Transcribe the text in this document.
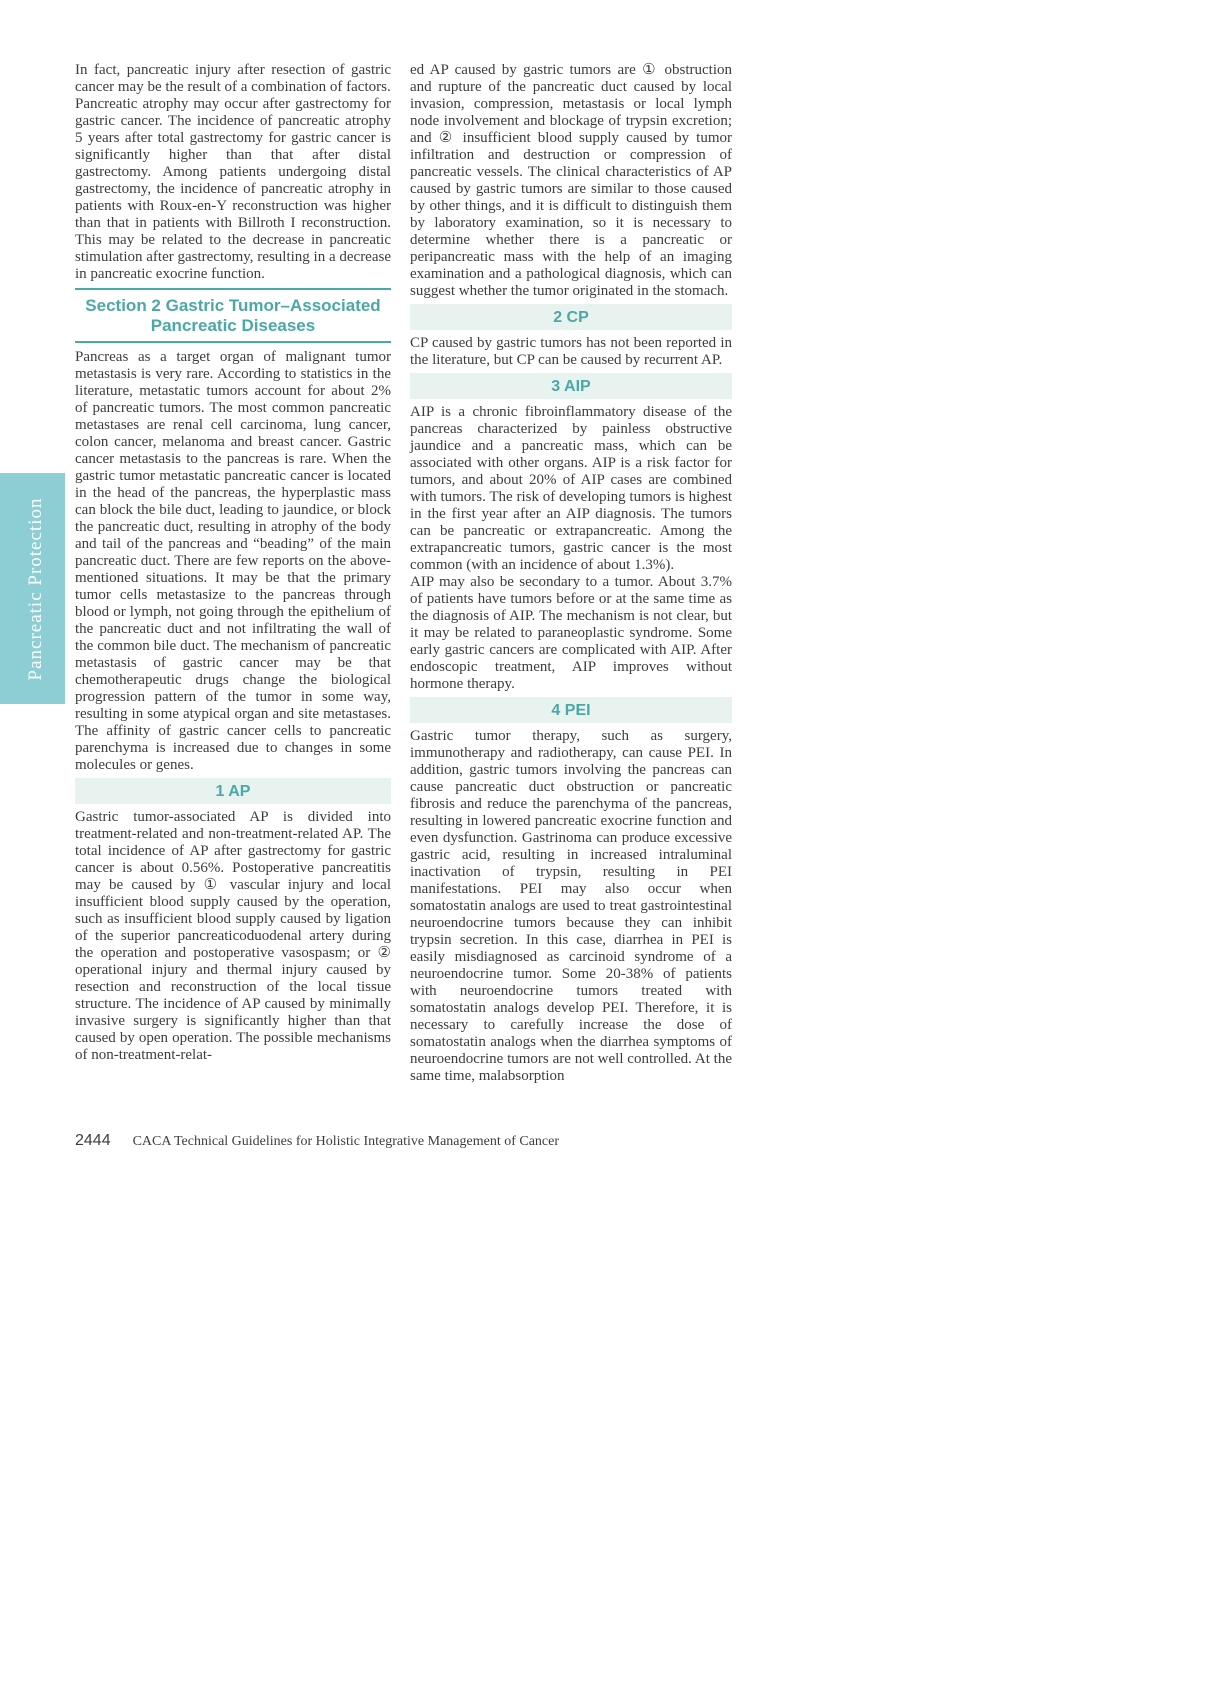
Pancreatic Protection

In fact, pancreatic injury after resection of gastric cancer may be the result of a combination of factors.

Pancreatic atrophy may occur after gastrectomy for gastric cancer. The incidence of pancreatic atrophy 5 years after total gastrectomy for gastric cancer is significantly higher than that after distal gastrectomy. Among patients undergoing distal gastrectomy, the incidence of pancreatic atrophy in patients with Roux-en-Y reconstruction was higher than that in patients with Billroth I reconstruction. This may be related to the decrease in pancreatic stimulation after gastrectomy, resulting in a decrease in pancreatic exocrine function.

Section 2 Gastric Tumor–Associated Pancreatic Diseases

Pancreas as a target organ of malignant tumor metastasis is very rare. According to statistics in the literature, metastatic tumors account for about 2% of pancreatic tumors. The most common pancreatic metastases are renal cell carcinoma, lung cancer, colon cancer, melanoma and breast cancer. Gastric cancer metastasis to the pancreas is rare. When the gastric tumor metastatic pancreatic cancer is located in the head of the pancreas, the hyperplastic mass can block the bile duct, leading to jaundice, or block the pancreatic duct, resulting in atrophy of the body and tail of the pancreas and “beading” of the main pancreatic duct. There are few reports on the above-mentioned situations. It may be that the primary tumor cells metastasize to the pancreas through blood or lymph, not going through the epithelium of the pancreatic duct and not infiltrating the wall of the common bile duct. The mechanism of pancreatic metastasis of gastric cancer may be that chemotherapeutic drugs change the biological progression pattern of the tumor in some way, resulting in some atypical organ and site metastases. The affinity of gastric cancer cells to pancreatic parenchyma is increased due to changes in some molecules or genes.

1 AP

Gastric tumor-associated AP is divided into treatment-related and non-treatment-related AP. The total incidence of AP after gastrectomy for gastric cancer is about 0.56%. Postoperative pancreatitis may be caused by ① vascular injury and local insufficient blood supply caused by the operation, such as insufficient blood supply caused by ligation of the superior pancreaticoduodenal artery during the operation and postoperative vasospasm; or ② operational injury and thermal injury caused by resection and reconstruction of the local tissue structure. The incidence of AP caused by minimally invasive surgery is significantly higher than that caused by open operation. The possible mechanisms of non-treatment-relat-

ed AP caused by gastric tumors are ① obstruction and rupture of the pancreatic duct caused by local invasion, compression, metastasis or local lymph node involvement and blockage of trypsin excretion; and ② insufficient blood supply caused by tumor infiltration and destruction or compression of pancreatic vessels. The clinical characteristics of AP caused by gastric tumors are similar to those caused by other things, and it is difficult to distinguish them by laboratory examination, so it is necessary to determine whether there is a pancreatic or peripancreatic mass with the help of an imaging examination and a pathological diagnosis, which can suggest whether the tumor originated in the stomach.

2 CP

CP caused by gastric tumors has not been reported in the literature, but CP can be caused by recurrent AP.

3 AIP

AIP is a chronic fibroinflammatory disease of the pancreas characterized by painless obstructive jaundice and a pancreatic mass, which can be associated with other organs. AIP is a risk factor for tumors, and about 20% of AIP cases are combined with tumors. The risk of developing tumors is highest in the first year after an AIP diagnosis. The tumors can be pancreatic or extrapancreatic. Among the extrapancreatic tumors, gastric cancer is the most common (with an incidence of about 1.3%).

AIP may also be secondary to a tumor. About 3.7% of patients have tumors before or at the same time as the diagnosis of AIP. The mechanism is not clear, but it may be related to paraneoplastic syndrome. Some early gastric cancers are complicated with AIP. After endoscopic treatment, AIP improves without hormone therapy.

4 PEI

Gastric tumor therapy, such as surgery, immunotherapy and radiotherapy, can cause PEI. In addition, gastric tumors involving the pancreas can cause pancreatic duct obstruction or pancreatic fibrosis and reduce the parenchyma of the pancreas, resulting in lowered pancreatic exocrine function and even dysfunction. Gastrinoma can produce excessive gastric acid, resulting in increased intraluminal inactivation of trypsin, resulting in PEI manifestations. PEI may also occur when somatostatin analogs are used to treat gastrointestinal neuroendocrine tumors because they can inhibit trypsin secretion. In this case, diarrhea in PEI is easily misdiagnosed as carcinoid syndrome of a neuroendocrine tumor. Some 20-38% of patients with neuroendocrine tumors treated with somatostatin analogs develop PEI. Therefore, it is necessary to carefully increase the dose of somatostatin analogs when the diarrhea symptoms of neuroendocrine tumors are not well controlled. At the same time, malabsorption

2444 CACA Technical Guidelines for Holistic Integrative Management of Cancer
